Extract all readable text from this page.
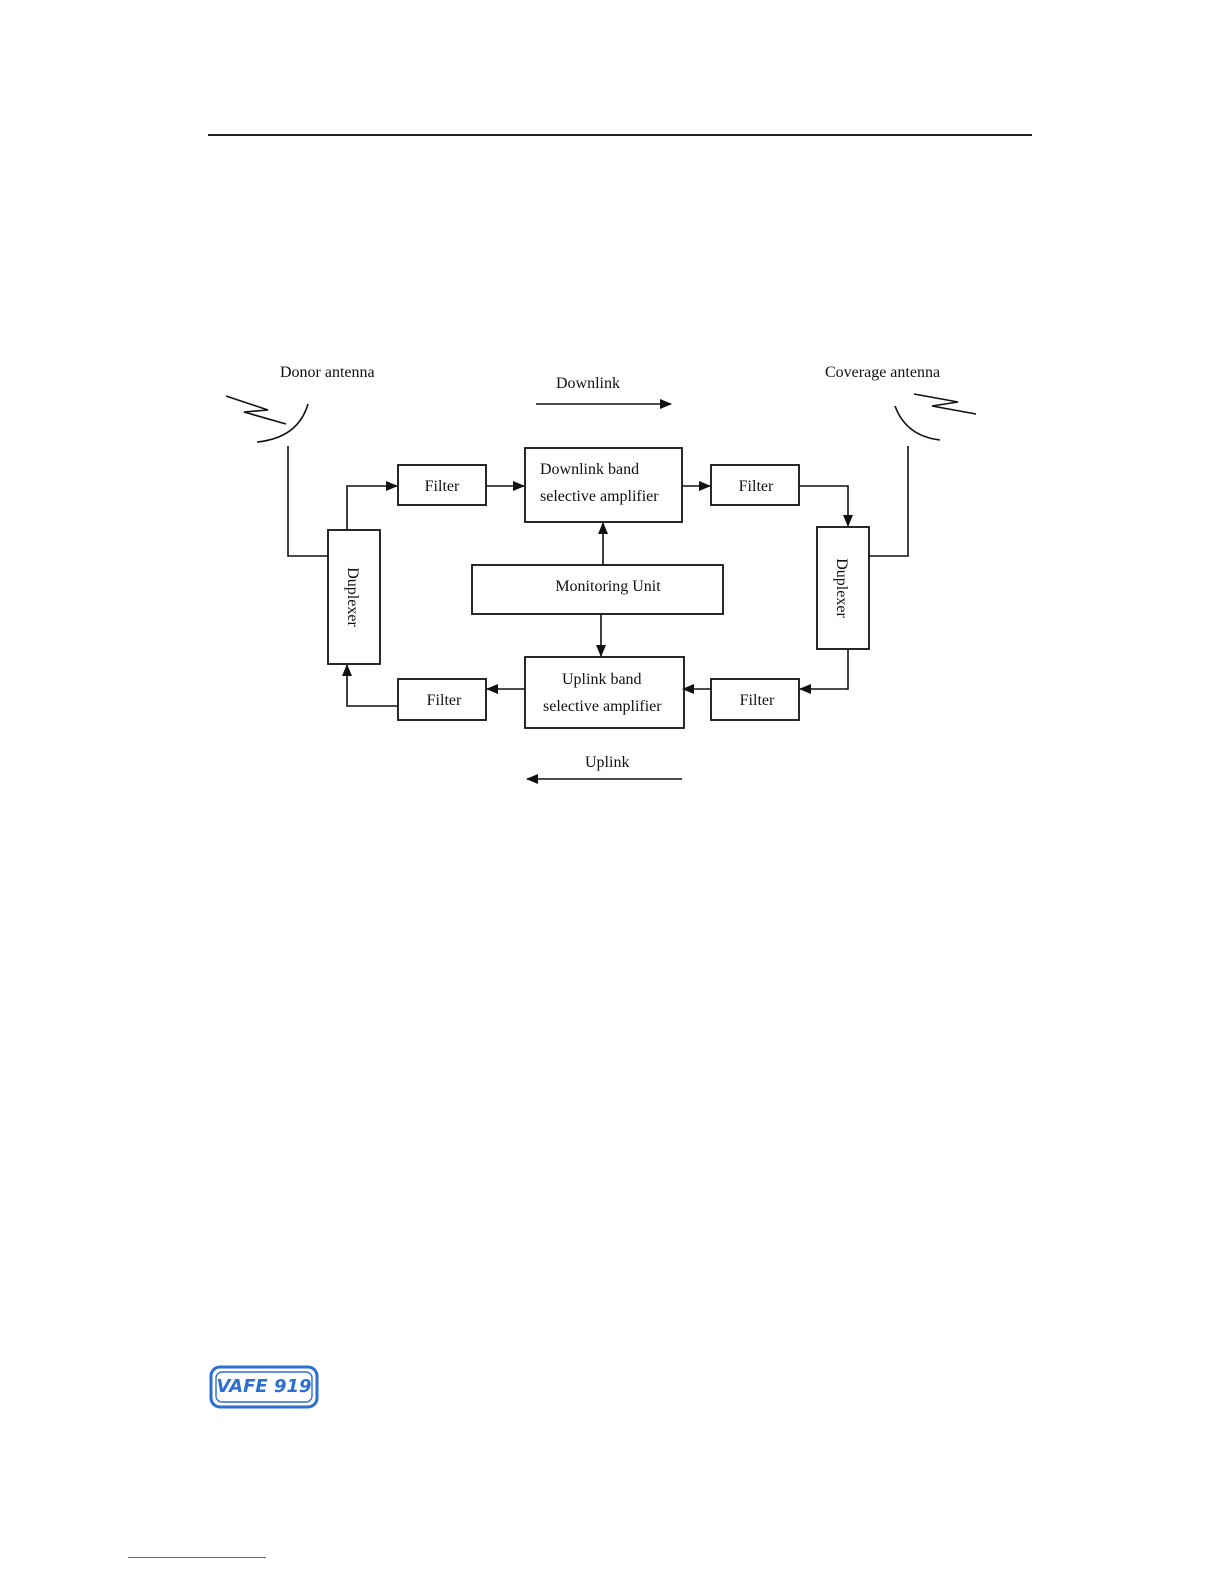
Donor antenna	Coverage antenna
Downlink
Uplink
Filter	Filter
Filter	Filter
Downlink band
selective amplifier
Uplink band
selective amplifier
Monitoring Unit
Duplexer	Duplexer
VAFE 919
